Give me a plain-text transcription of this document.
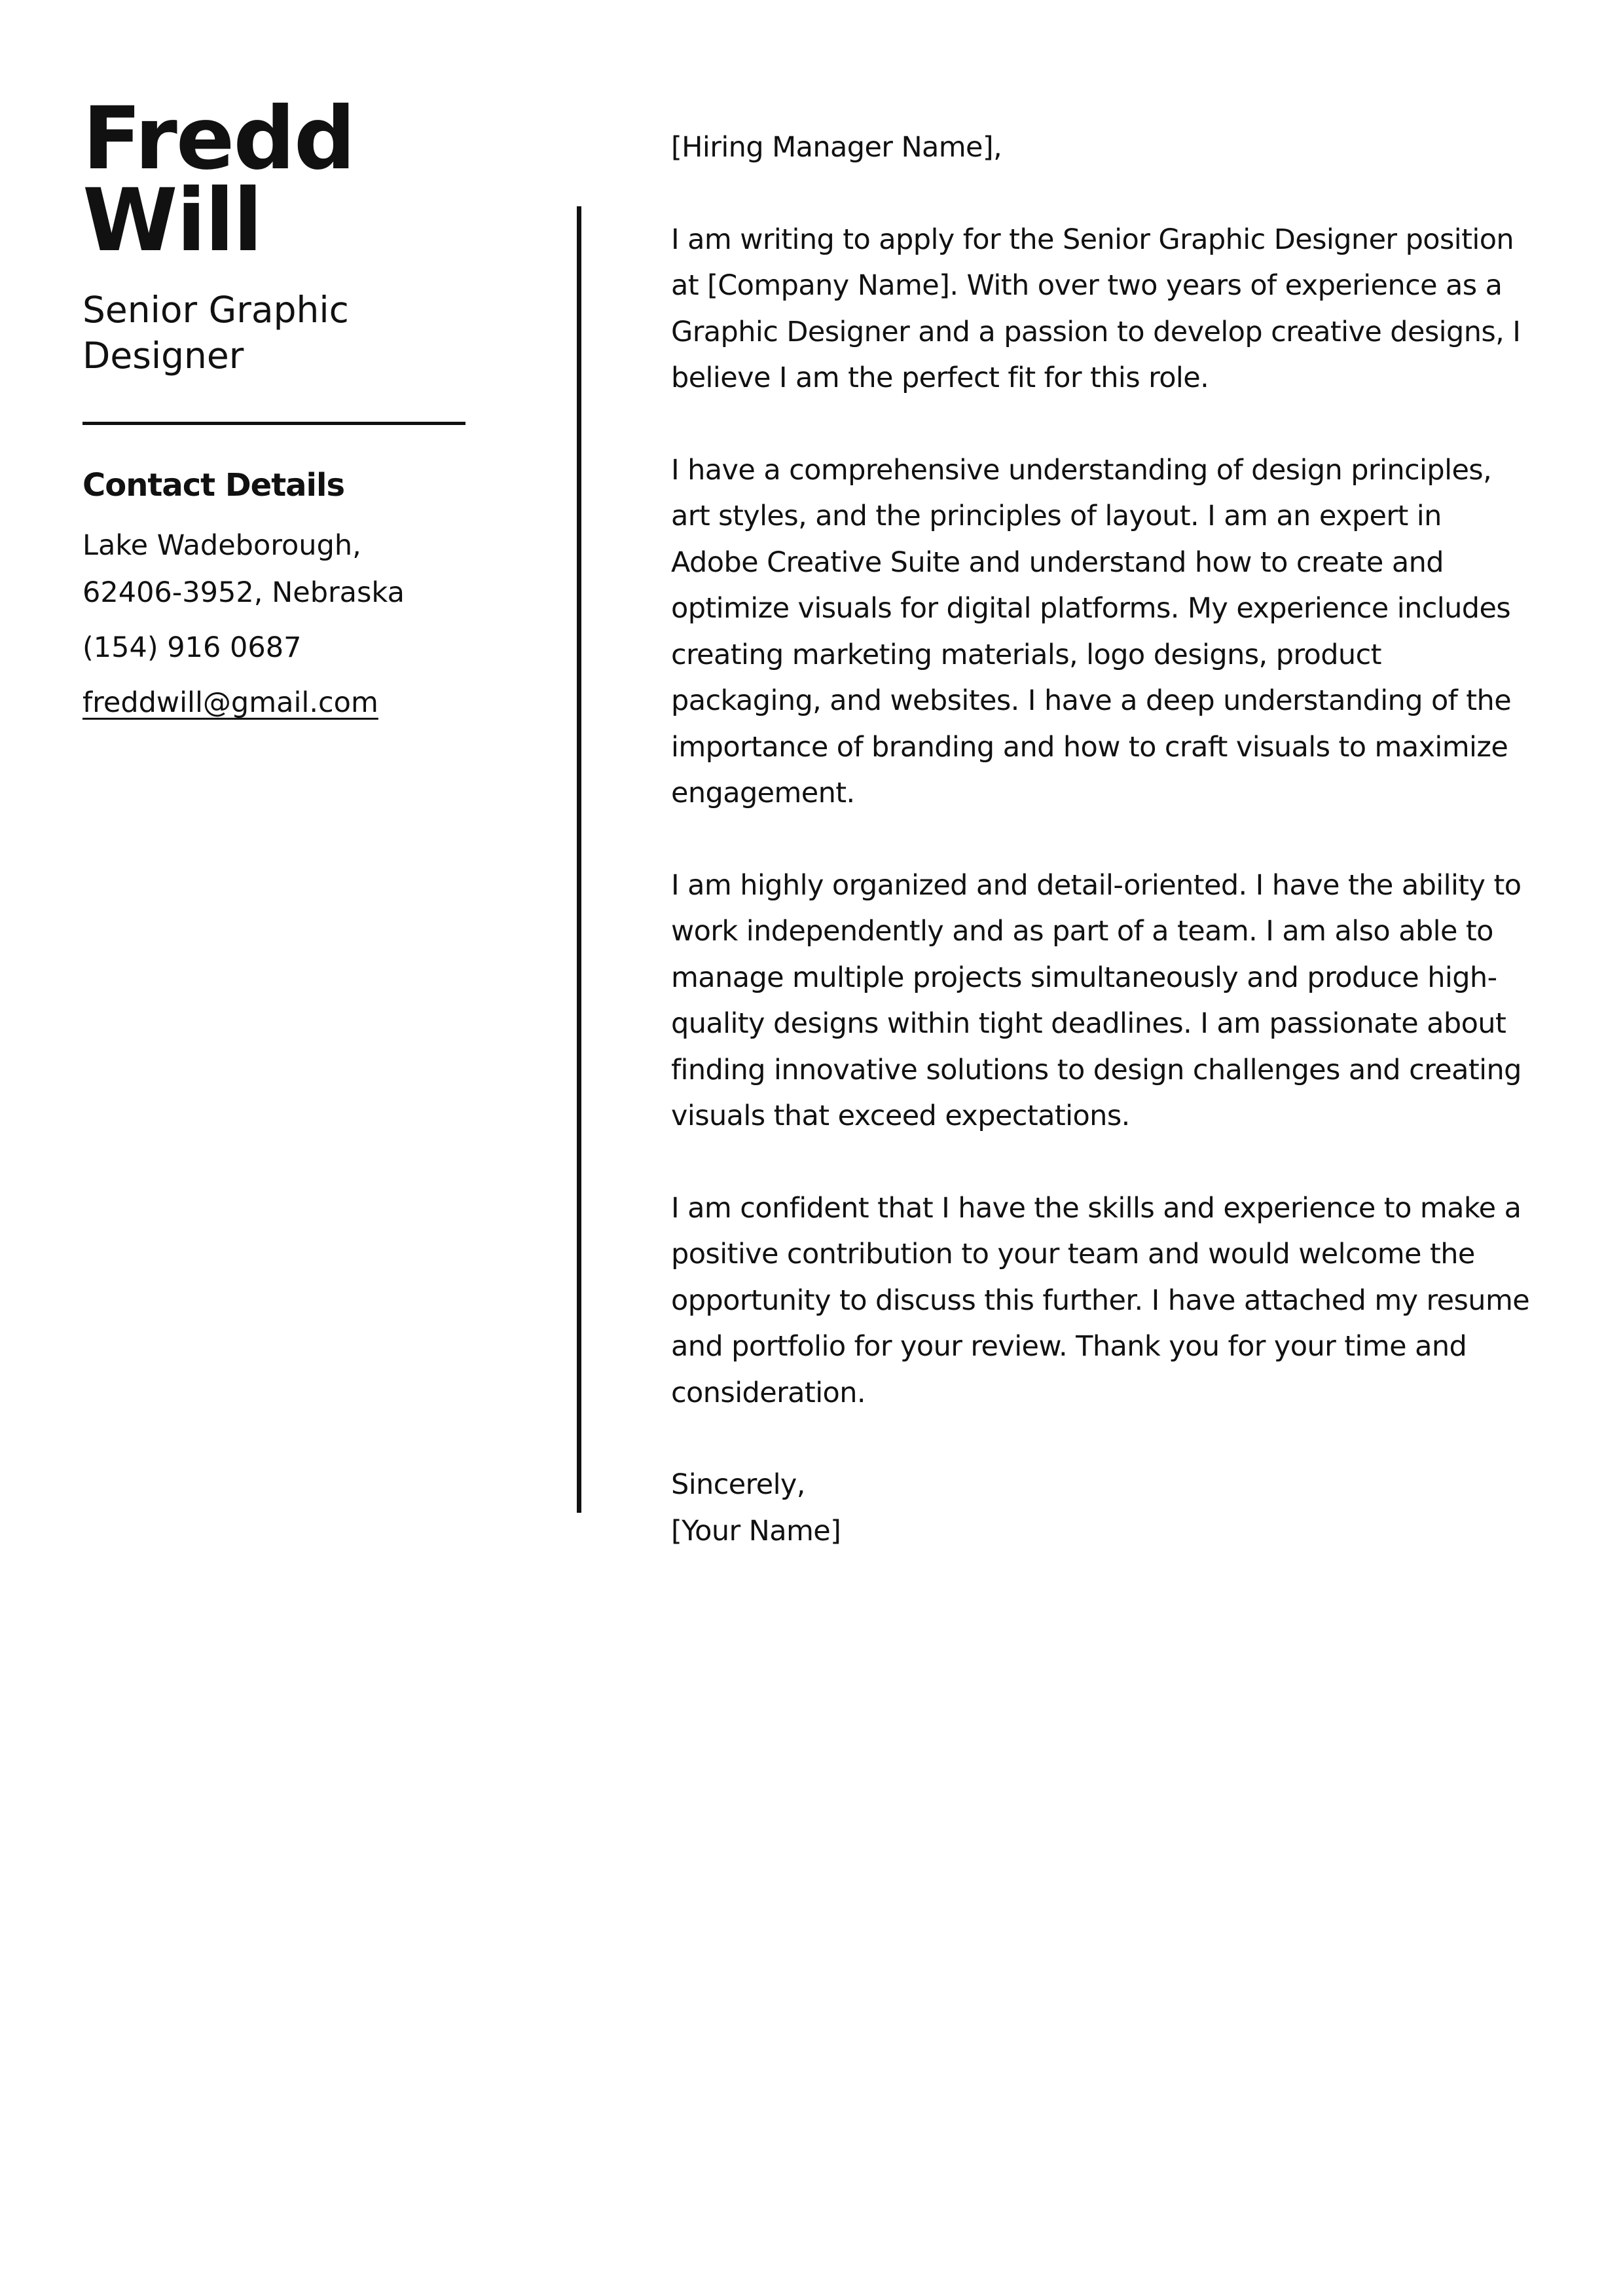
Fredd
Will
Senior Graphic Designer
Contact Details
Lake Wadeborough, 62406-3952, Nebraska
(154) 916 0687
freddwill@gmail.com

[Hiring Manager Name],

I am writing to apply for the Senior Graphic Designer position at [Company Name]. With over two years of experience as a Graphic Designer and a passion to develop creative designs, I believe I am the perfect fit for this role.

I have a comprehensive understanding of design principles, art styles, and the principles of layout. I am an expert in Adobe Creative Suite and understand how to create and optimize visuals for digital platforms. My experience includes creating marketing materials, logo designs, product packaging, and websites. I have a deep understanding of the importance of branding and how to craft visuals to maximize engagement.

I am highly organized and detail-oriented. I have the ability to work independently and as part of a team. I am also able to manage multiple projects simultaneously and produce high-quality designs within tight deadlines. I am passionate about finding innovative solutions to design challenges and creating visuals that exceed expectations.

I am confident that I have the skills and experience to make a positive contribution to your team and would welcome the opportunity to discuss this further. I have attached my resume and portfolio for your review. Thank you for your time and consideration.

Sincerely,

[Your Name]
